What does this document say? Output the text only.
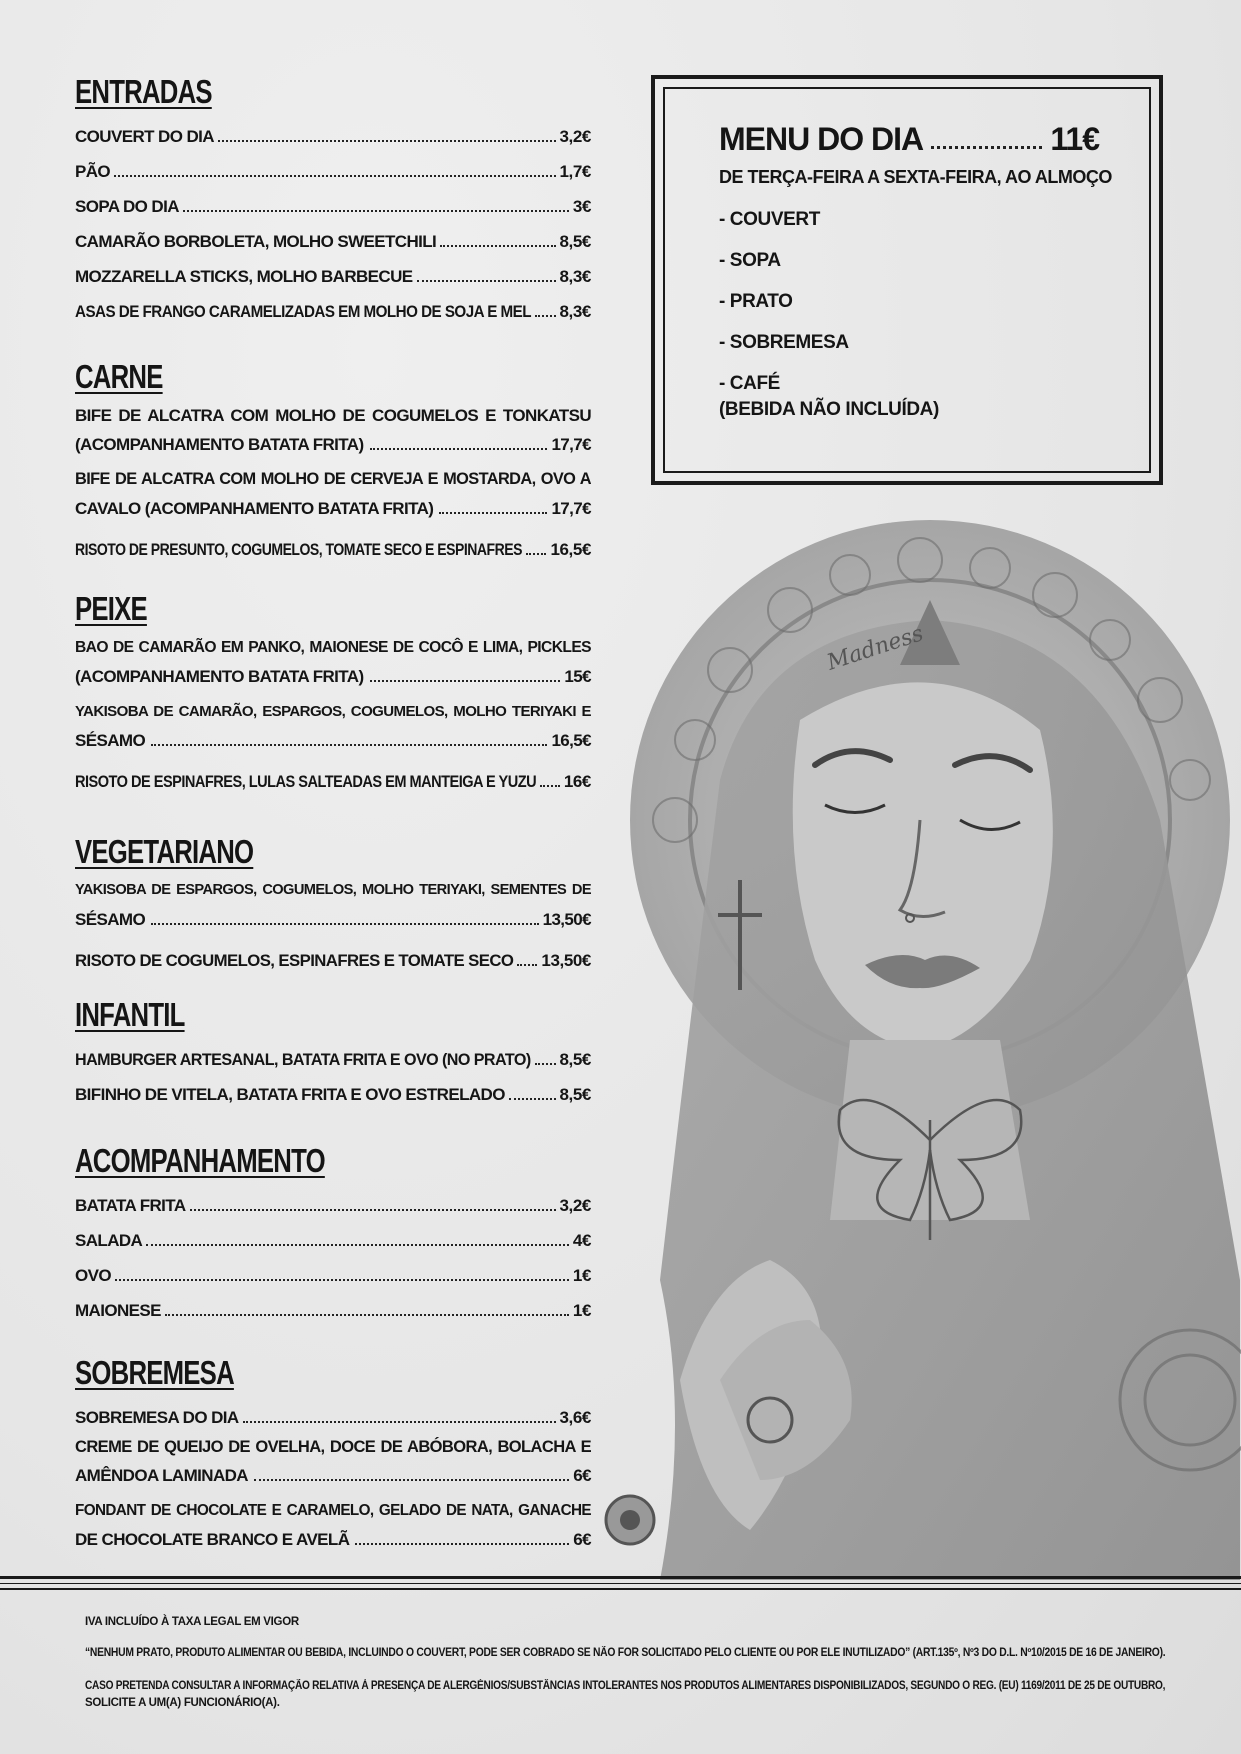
Madness
ENTRADAS
COUVERT DO DIA	3,2€
PÃO	1,7€
SOPA DO DIA	3€
CAMARÃO BORBOLETA, MOLHO SWEETCHILI	8,5€
MOZZARELLA STICKS, MOLHO BARBECUE	8,3€
ASAS DE FRANGO CARAMELIZADAS EM MOLHO DE SOJA E MEL 8,3€
CARNE
BIFE DE ALCATRA COM MOLHO DE COGUMELOS E TONKATSU
(ACOMPANHAMENTO BATATA FRITA)	17,7€
BIFE DE ALCATRA COM MOLHO DE CERVEJA E MOSTARDA, OVO A
CAVALO (ACOMPANHAMENTO BATATA FRITA)	17,7€
RISOTO DE PRESUNTO, COGUMELOS, TOMATE SECO E ESPINAFRES 16,5€
PEIXE
BAO DE CAMARÃO EM PANKO, MAIONESE DE COCÔ E LIMA, PICKLES
(ACOMPANHAMENTO BATATA FRITA)	15€
YAKISOBA DE CAMARÃO, ESPARGOS, COGUMELOS, MOLHO TERIYAKI E
SÉSAMO	16,5€
RISOTO DE ESPINAFRES, LULAS SALTEADAS EM MANTEIGA E YUZU 16€
VEGETARIANO
YAKISOBA DE ESPARGOS, COGUMELOS, MOLHO TERIYAKI, SEMENTES DE
SÉSAMO	13,50€
RISOTO DE COGUMELOS, ESPINAFRES E TOMATE SECO 13,50€
INFANTIL
HAMBURGER ARTESANAL, BATATA FRITA E OVO (NO PRATO) 8,5€
BIFINHO DE VITELA, BATATA FRITA E OVO ESTRELADO	8,5€
ACOMPANHAMENTO
BATATA FRITA	3,2€
SALADA	4€
OVO	1€
MAIONESE	1€
SOBREMESA
SOBREMESA DO DIA	3,6€
CREME DE QUEIJO DE OVELHA, DOCE DE ABÓBORA, BOLACHA E
AMÊNDOA LAMINADA	6€
FONDANT DE CHOCOLATE E CARAMELO, GELADO DE NATA, GANACHE
DE CHOCOLATE BRANCO E AVELÃ	6€
MENU DO DIA	11€
DE TERÇA-FEIRA A SEXTA-FEIRA, AO ALMOÇO
- COUVERT
- SOPA
- PRATO
- SOBREMESA
- CAFÉ
(BEBIDA NÃO INCLUÍDA)
IVA INCLUÍDO À TAXA LEGAL EM VIGOR
“NENHUM PRATO, PRODUTO ALIMENTAR OU BEBIDA, INCLUINDO O COUVERT, PODE SER COBRADO SE NÃO FOR SOLICITADO PELO CLIENTE OU POR ELE INUTILIZADO” (ART.135º, Nº3 DO D.L. Nº10/2015 DE 16 DE JANEIRO).
CASO PRETENDA CONSULTAR A INFORMAÇÃO RELATIVA À PRESENÇA DE ALERGÉNIOS/SUBSTÂNCIAS INTOLERANTES NOS PRODUTOS ALIMENTARES DISPONIBILIZADOS, SEGUNDO O REG. (EU) 1169/2011 DE 25 DE OUTUBRO,
SOLICITE A UM(A) FUNCIONÁRIO(A).
